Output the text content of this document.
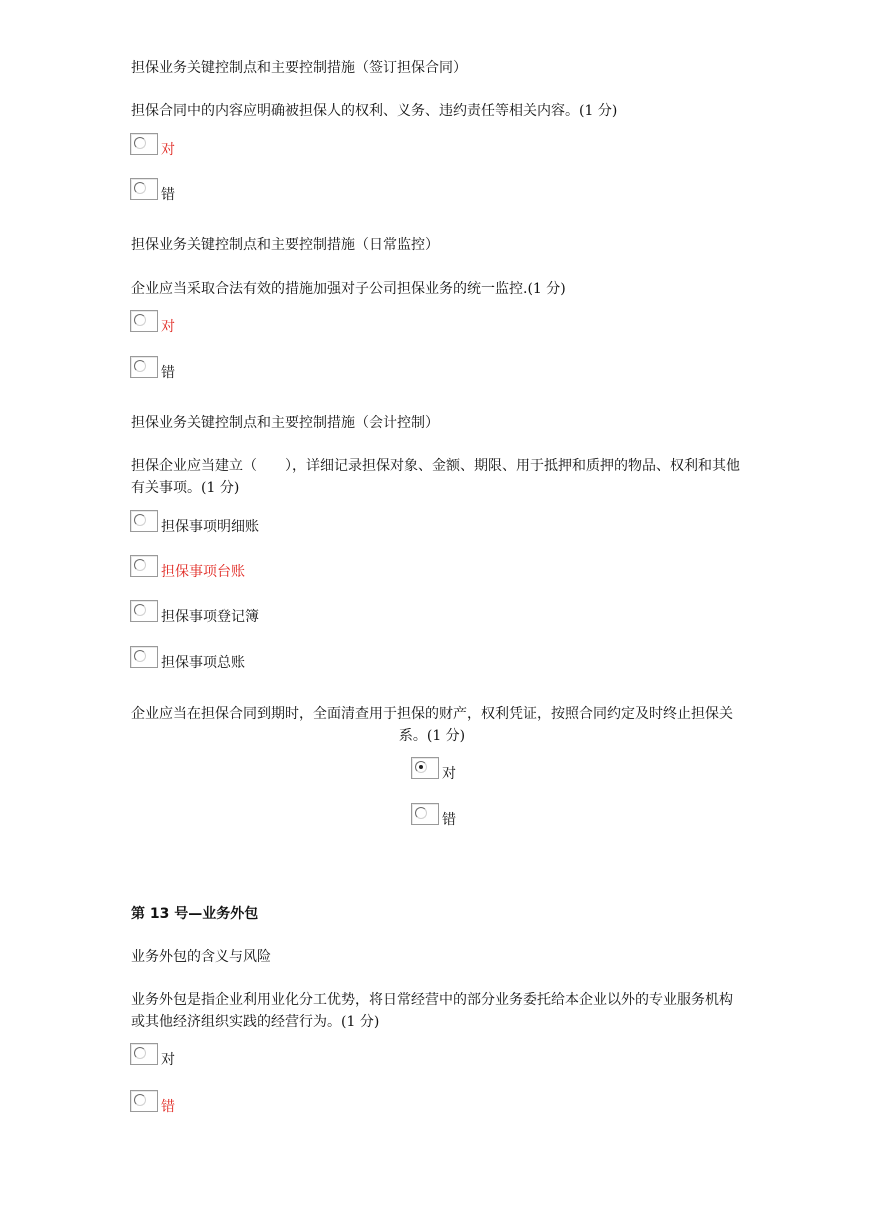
担保业务关键控制点和主要控制措施（签订担保合同）
担保合同中的内容应明确被担保人的权利、义务、违约责任等相关内容。(1 分)
对
错
担保业务关键控制点和主要控制措施（日常监控）
企业应当采取合法有效的措施加强对子公司担保业务的统一监控.(1 分)
对
错
担保业务关键控制点和主要控制措施（会计控制）
担保企业应当建立（　　），详细记录担保对象、金额、期限、用于抵押和质押的物品、权利和其他有关事项。(1 分)
担保事项明细账
担保事项台账
担保事项登记簿
担保事项总账
企业应当在担保合同到期时，全面清查用于担保的财产，权利凭证，按照合同约定及时终止担保关系。(1 分)
对
错
第 13 号—业务外包
业务外包的含义与风险
业务外包是指企业利用业化分工优势，将日常经营中的部分业务委托给本企业以外的专业服务机构或其他经济组织实践的经营行为。(1 分)
对
错
